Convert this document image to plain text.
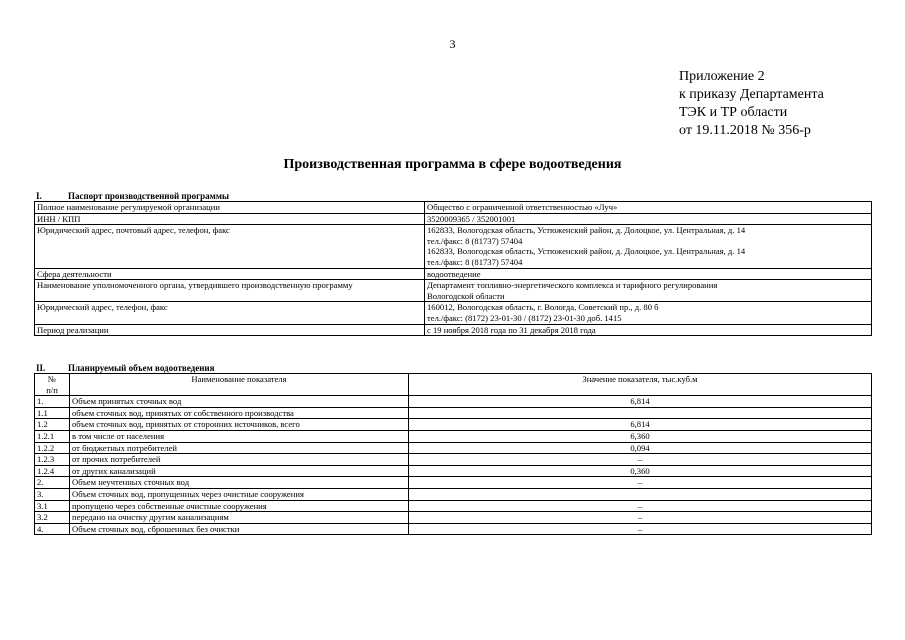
3
Приложение 2
к приказу Департамента
ТЭК и ТР области
от 19.11.2018 № 356-р
Производственная программа в сфере водоотведения
I.	Паспорт производственной программы
Полное наименование регулируемой организации	Общество с ограниченной ответственностью «Луч»

ИНН / КПП	3520009365 / 352001001

Юридический адрес, почтовый адрес, телефон, факс	162833, Вологодская область, Устюженский район, д. Долоцкое, ул. Центральная, д. 14
тел./факс: 8 (81737) 57404
162833, Вологодская область, Устюженский район, д. Долоцкое, ул. Центральная, д. 14
тел./факс: 8 (81737) 57404

Сфера деятельности	водоотведение

Наименование уполномоченного органа, утвердившего производственную программу	Департамент топливно-энергетического комплекса и тарифного регулирования
Вологодской области

Юридический адрес, телефон, факс	160012, Вологодская область, г. Вологда, Советский пр., д. 80 б
тел./факс: (8172) 23-01-30 / (8172) 23-01-30 доб. 1415

Период реализации	с 19 ноября 2018 года по 31 декабря 2018 года
II.	Планируемый объем водоотведения
№
п/п	Наименование показателя	Значение показателя, тыс.куб.м
1.	Объем принятых сточных вод	6,814
1.1	объем сточных вод, принятых от собственного производства	
1.2	объем сточных вод, принятых от сторонних источников, всего	6,814
1.2.1	в том числе от населения	6,360
1.2.2	от бюджетных потребителей	0,094
1.2.3	от прочих потребителей	–
1.2.4	от других канализаций	0,360
2.	Объем неучтенных сточных вод	–
3.	Объем сточных вод, пропущенных через очистные сооружения	
3.1	пропущено через собственные очистные сооружения	–
3.2	передано на очистку другим канализациям	–
4.	Объем сточных вод, сброшенных без очистки	–
